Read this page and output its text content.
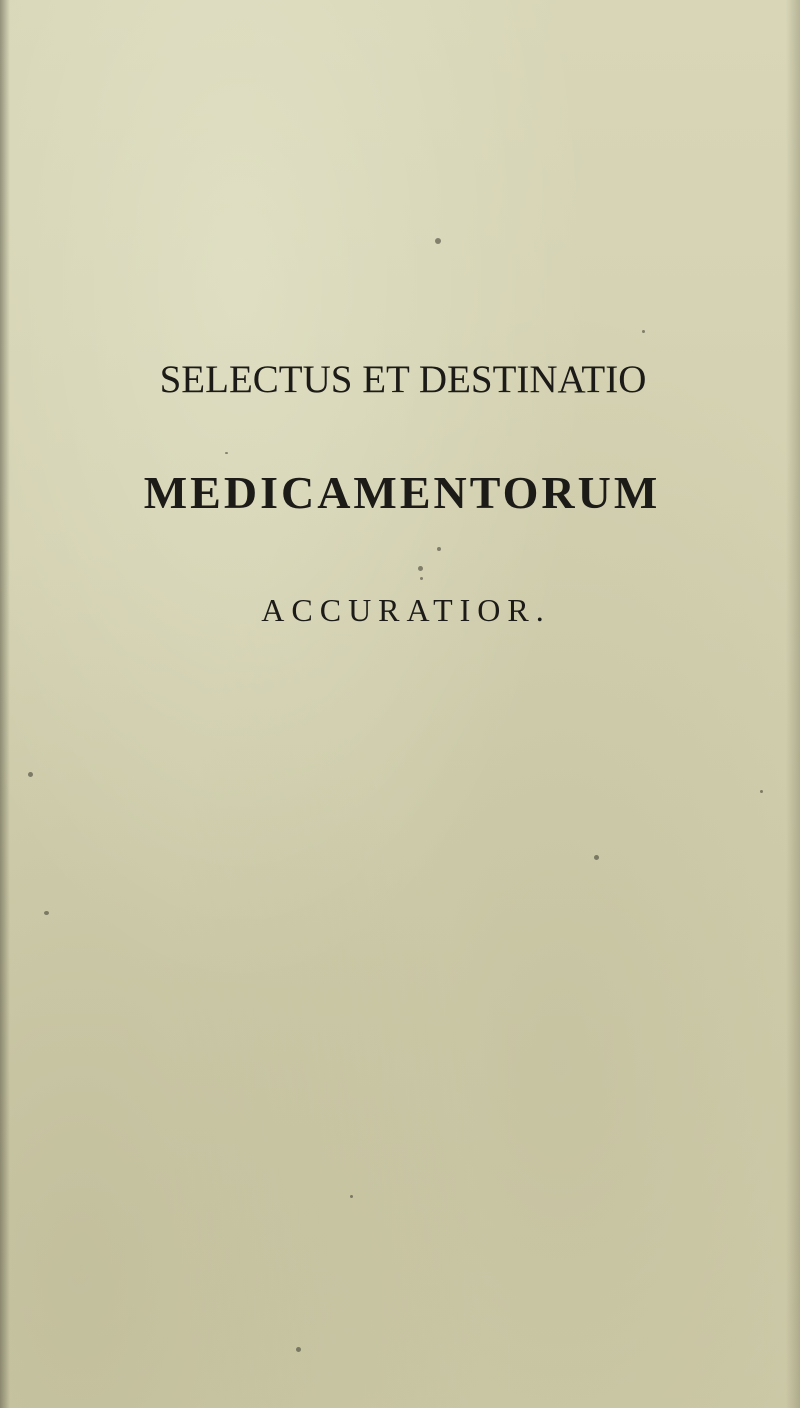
SELECTUS ET DESTINATIO
MEDICAMENTORUM
ACCURATIOR.
